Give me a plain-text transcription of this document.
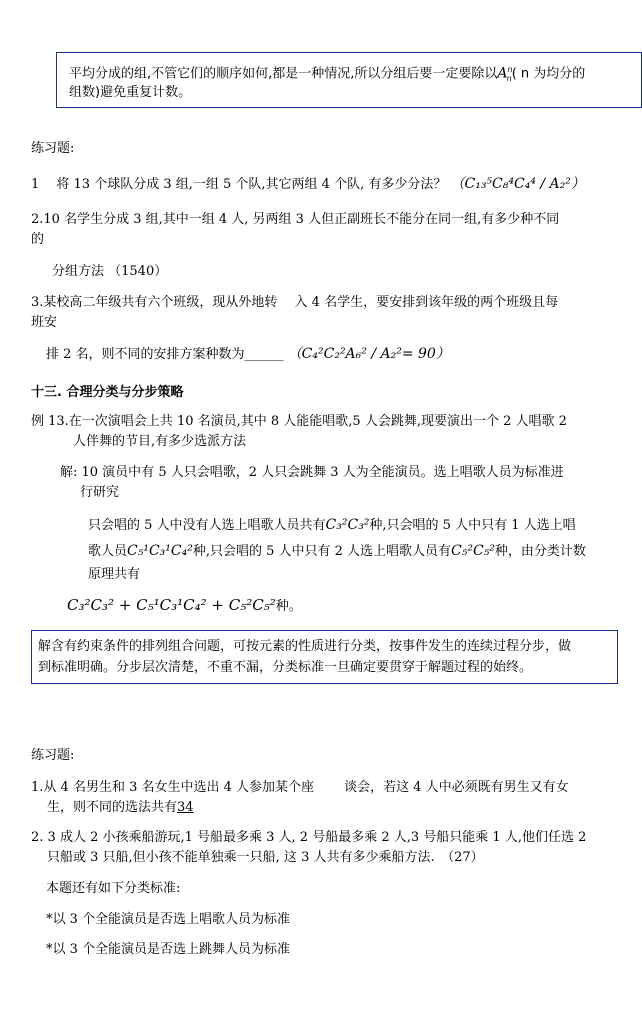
平均分成的组,不管它们的顺序如何,都是一种情况,所以分组后要一定要除以$A^n_n$( n 为均分的
组数)避免重复计数。
练习题:
1　 将 13 个球队分成 3 组,一组 5 个队,其它两组 4 个队, 有多少分法？ （C₁₃⁵C₈⁴C₄⁴ / A₂²）
2.10 名学生分成 3 组,其中一组 4 人, 另两组 3 人但正副班长不能分在同一组,有多少种不同
的
分组方法 （1540）
3.某校高二年级共有六个班级，现从外地转　 入 4 名学生，要安排到该年级的两个班级且每
班安
排 2 名，则不同的安排方案种数为______ （C₄²C₂²A₆² / A₂²= 90）
十三. 合理分类与分步策略
例 13.在一次演唱会上共 10 名演员,其中 8 人能能唱歌,5 人会跳舞,现要演出一个 2 人唱歌 2
人伴舞的节目,有多少选派方法
解: 10 演员中有 5 人只会唱歌，2 人只会跳舞 3 人为全能演员。选上唱歌人员为标准进
行研究
只会唱的 5 人中没有人选上唱歌人员共有C₃²C₃²种,只会唱的 5 人中只有 1 人选上唱
歌人员C₅¹C₃¹C₄²种,只会唱的 5 人中只有 2 人选上唱歌人员有C₅²C₅²种，由分类计数
原理共有
C₃²C₃² + C₅¹C₃¹C₄² + C₅²C₅²种。
解含有约束条件的排列组合问题，可按元素的性质进行分类，按事件发生的连续过程分步，做
到标准明确。分步层次清楚，不重不漏，分类标准一旦确定要贯穿于解题过程的始终。
练习题:
1.从 4 名男生和 3 名女生中选出 4 人参加某个座　　 谈会，若这 4 人中必须既有男生又有女
生，则不同的选法共有34
2. 3 成人 2 小孩乘船游玩,1 号船最多乘 3 人, 2 号船最多乘 2 人,3 号船只能乘 1 人,他们任选 2
只船或 3 只船,但小孩不能单独乘一只船, 这 3 人共有多少乘船方法.　（27）
本题还有如下分类标准:
*以 3 个全能演员是否选上唱歌人员为标准
*以 3 个全能演员是否选上跳舞人员为标准
